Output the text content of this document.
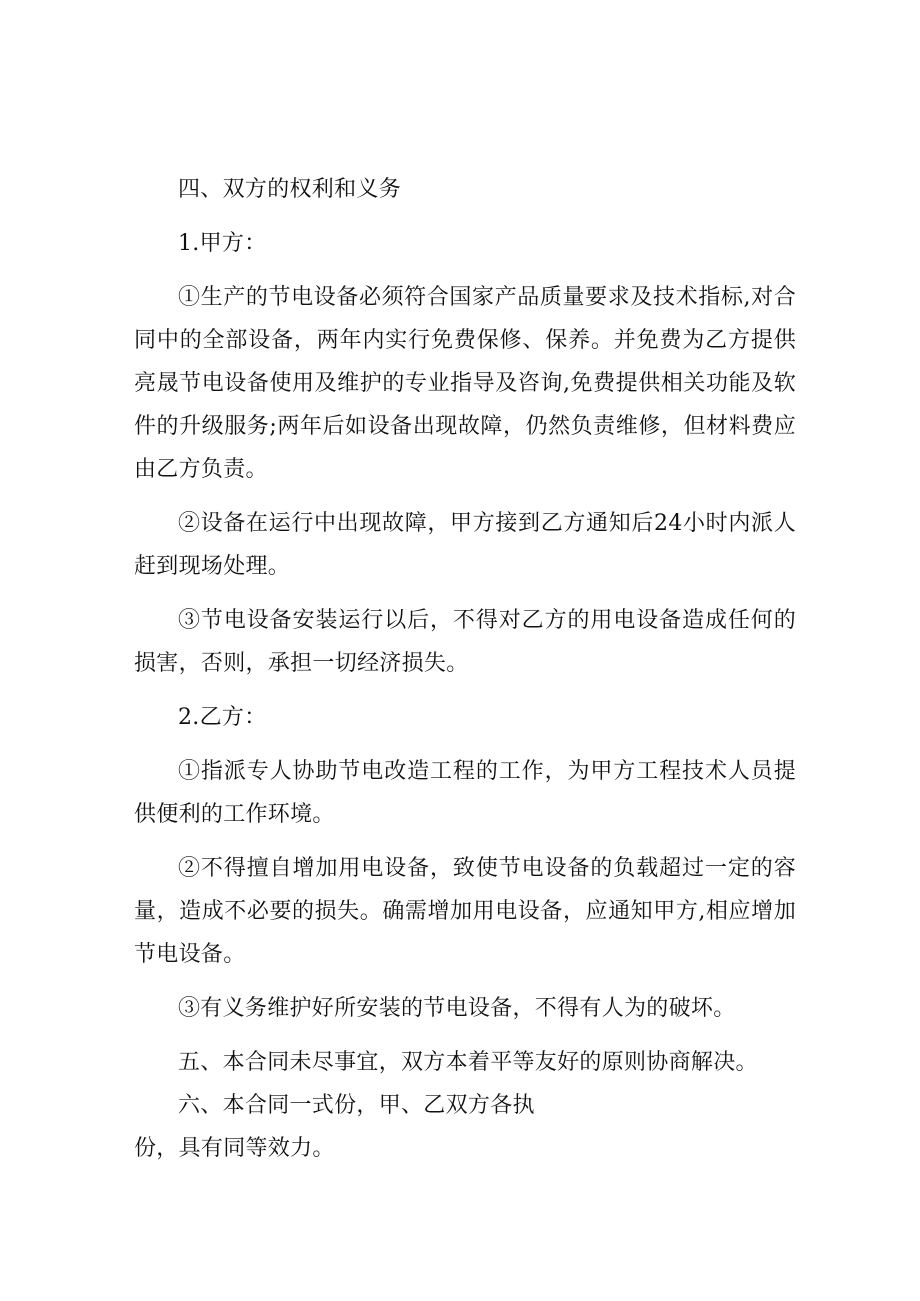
四、双方的权利和义务

1.甲方：

①生产的节电设备必须符合国家产品质量要求及技术指标,对合同中的全部设备，两年内实行免费保修、保养。并免费为乙方提供亮晟节电设备使用及维护的专业指导及咨询,免费提供相关功能及软件的升级服务;两年后如设备出现故障，仍然负责维修，但材料费应由乙方负责。

②设备在运行中出现故障，甲方接到乙方通知后24小时内派人赶到现场处理。

③节电设备安装运行以后，不得对乙方的用电设备造成任何的损害，否则，承担一切经济损失。

2.乙方：

①指派专人协助节电改造工程的工作，为甲方工程技术人员提供便利的工作环境。

②不得擅自增加用电设备，致使节电设备的负载超过一定的容量，造成不必要的损失。确需增加用电设备，应通知甲方,相应增加节电设备。

③有义务维护好所安装的节电设备，不得有人为的破坏。

五、本合同未尽事宜，双方本着平等友好的原则协商解决。

六、本合同一式份，甲、乙双方各执

份，具有同等效力。
